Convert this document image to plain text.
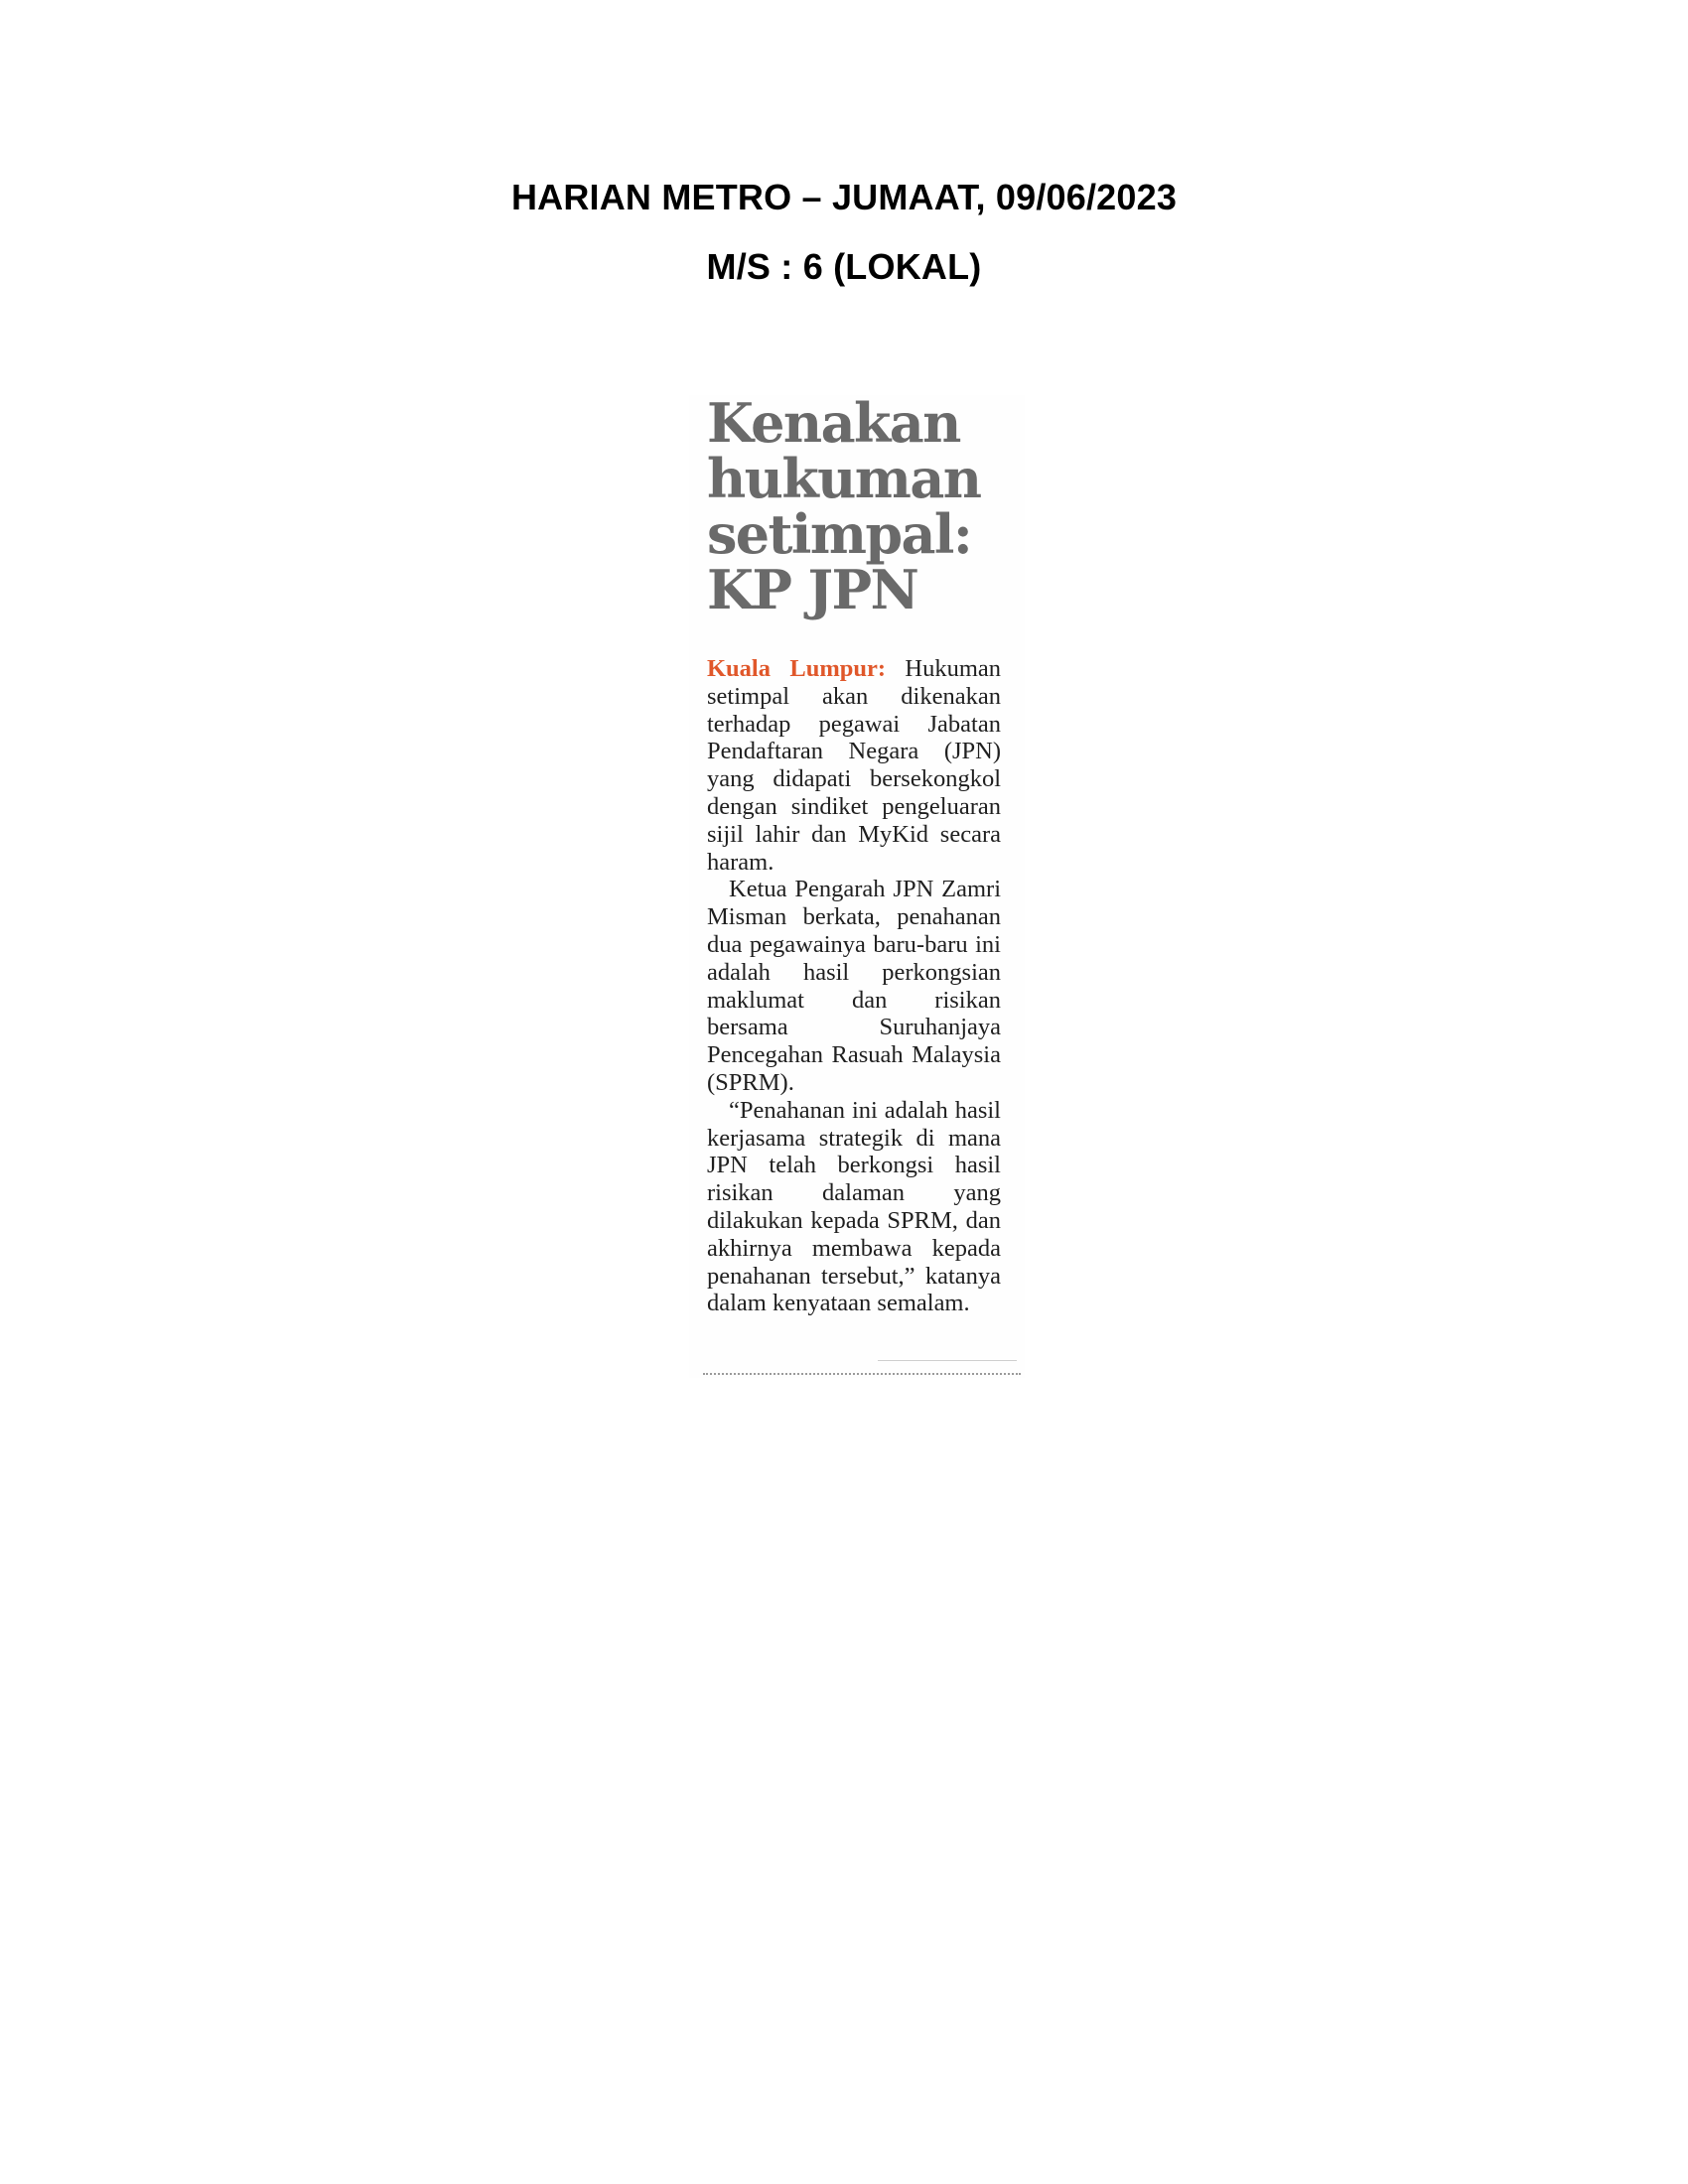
HARIAN METRO – JUMAAT, 09/06/2023
M/S : 6 (LOKAL)
Kenakan
hukuman
setimpal:
KP JPN

Kuala Lumpur: Hukuman setimpal akan dikenakan terhadap pegawai Jabatan Pendaftaran Negara (JPN) yang didapati bersekongkol dengan sindiket pengeluaran sijil lahir dan MyKid secara haram.

Ketua Pengarah JPN Zamri Misman berkata, penahanan dua pegawainya baru-baru ini adalah hasil perkongsian maklumat dan risikan bersama Suruhanjaya Pencegahan Rasuah Malaysia (SPRM).

“Penahanan ini adalah hasil kerjasama strategik di mana JPN telah berkongsi hasil risikan dalaman yang dilakukan kepada SPRM, dan akhirnya membawa kepada penahanan tersebut,” katanya dalam kenyataan semalam.
